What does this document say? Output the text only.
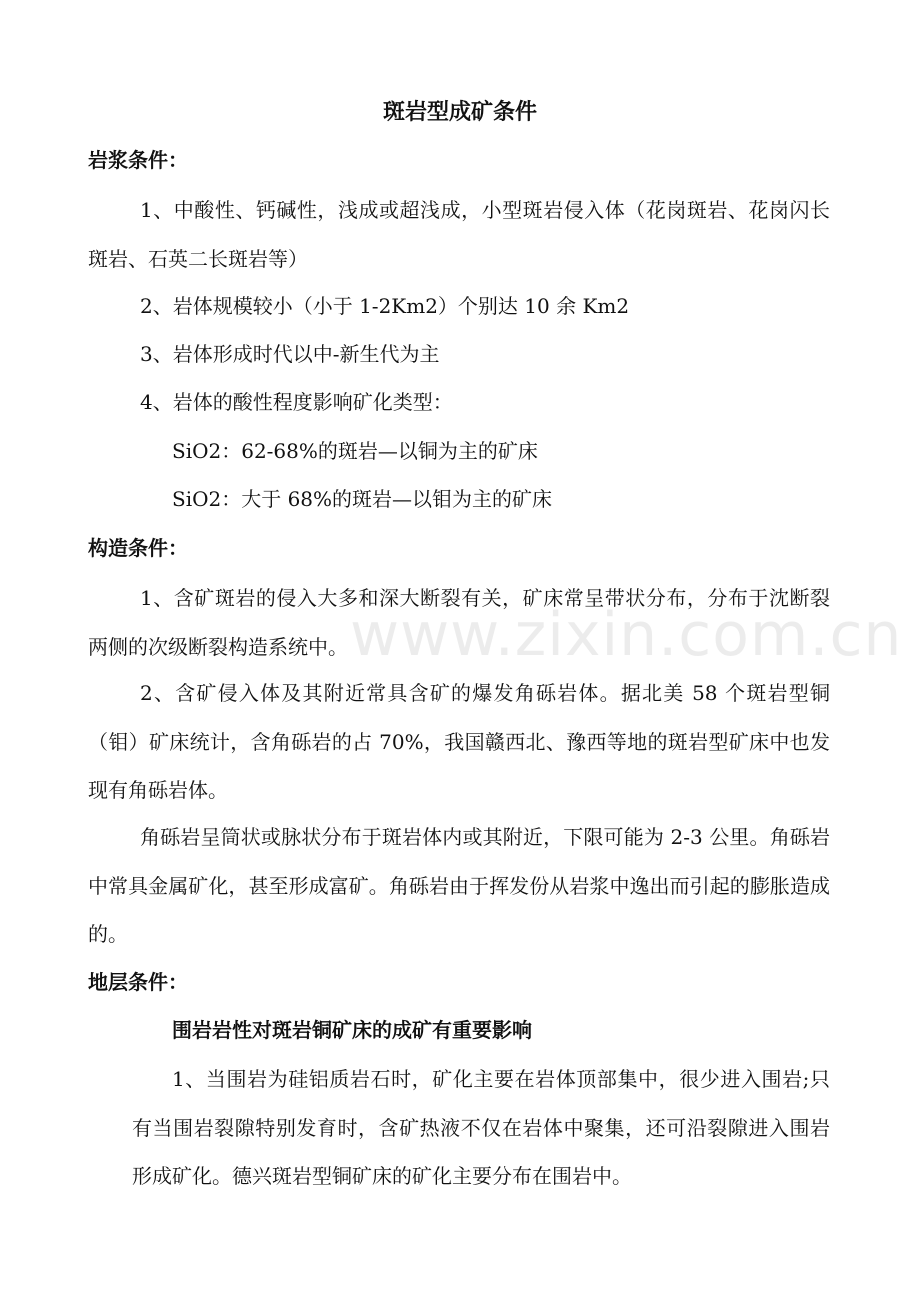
www.zixin.com.cn
斑岩型成矿条件
岩浆条件：
1、中酸性、钙碱性，浅成或超浅成，小型斑岩侵入体（花岗斑岩、花岗闪长斑岩、石英二长斑岩等）
2、岩体规模较小（小于 1-2Km2）个别达 10 余 Km2
3、岩体形成时代以中-新生代为主
4、岩体的酸性程度影响矿化类型：
SiO2：62-68%的斑岩—以铜为主的矿床
SiO2：大于 68%的斑岩—以钼为主的矿床
构造条件：
1、含矿斑岩的侵入大多和深大断裂有关，矿床常呈带状分布，分布于沈断裂两侧的次级断裂构造系统中。
2、含矿侵入体及其附近常具含矿的爆发角砾岩体。据北美 58 个斑岩型铜（钼）矿床统计，含角砾岩的占 70%，我国赣西北、豫西等地的斑岩型矿床中也发现有角砾岩体。
角砾岩呈筒状或脉状分布于斑岩体内或其附近，下限可能为 2-3 公里。角砾岩中常具金属矿化，甚至形成富矿。角砾岩由于挥发份从岩浆中逸出而引起的膨胀造成的。
地层条件：
围岩岩性对斑岩铜矿床的成矿有重要影响
1、当围岩为硅铝质岩石时，矿化主要在岩体顶部集中，很少进入围岩;只有当围岩裂隙特别发育时，含矿热液不仅在岩体中聚集，还可沿裂隙进入围岩形成矿化。德兴斑岩型铜矿床的矿化主要分布在围岩中。
